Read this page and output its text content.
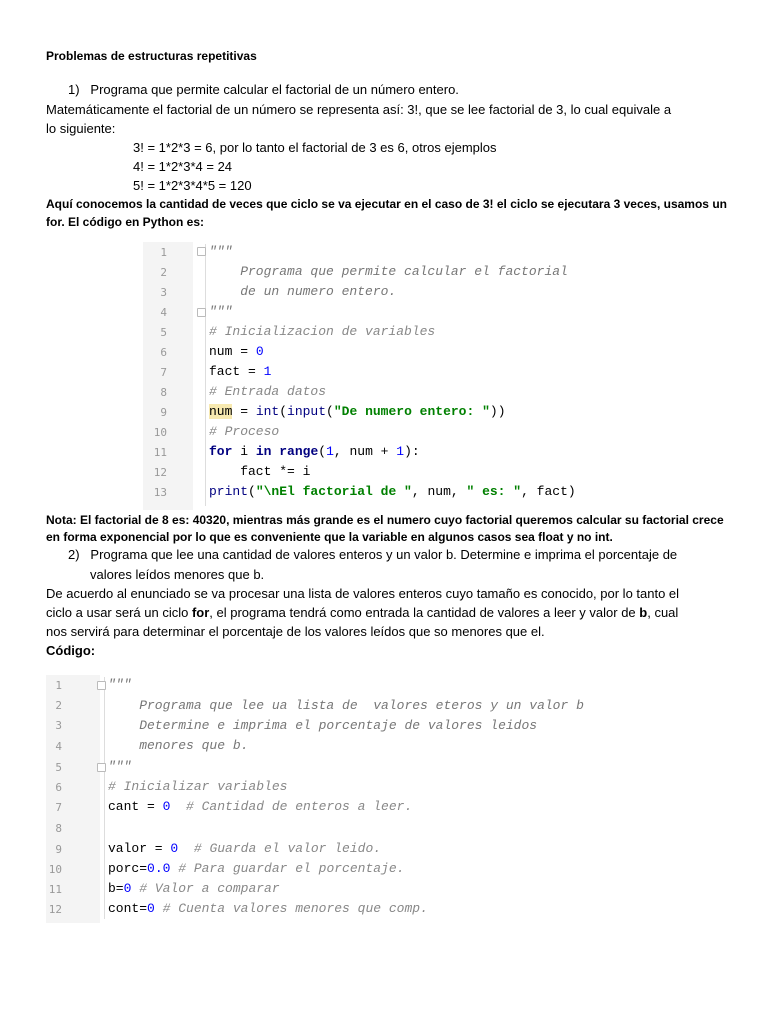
Problemas de estructuras repetitivas
1)   Programa que permite calcular el factorial de un número entero.
Matemáticamente el factorial de un número se representa así: 3!, que se lee factorial de 3, lo cual equivale a
lo siguiente:
3! = 1*2*3 = 6, por lo tanto el factorial de 3 es 6, otros ejemplos
4! = 1*2*3*4 = 24
5! = 1*2*3*4*5 = 120
Aquí conocemos la cantidad de veces que ciclo se va ejecutar en el caso de 3! el ciclo se ejecutara 3 veces, usamos un
for. El código en Python es:
1
2
3
4
5
6
7
8
9
10
11
12
13
"""
Programa que permite calcular el factorial
de un numero entero.
"""
# Inicializacion de variables
num = 0
fact = 1
# Entrada datos
num = int(input("De numero entero: "))
# Proceso
for i in range(1, num + 1):
fact *= i
print("\nEl factorial de ", num, " es: ", fact)
Nota: El factorial de 8 es: 40320, mientras más grande es el numero cuyo factorial queremos calcular su factorial crece
en forma exponencial por lo que es conveniente que la variable en algunos casos sea float y no int.
2)   Programa que lee una cantidad de valores enteros y un valor b. Determine e imprima el porcentaje de
valores leídos menores que b.
De acuerdo al enunciado se va procesar una lista de valores enteros cuyo tamaño es conocido, por lo tanto el
ciclo a usar será un ciclo for, el programa tendrá como entrada la cantidad de valores a leer y valor de b, cual
nos servirá para determinar el porcentaje de los valores leídos que so menores que el.
Código:
1
2
3
4
5
6
7
8
9
10
11
12
"""
Programa que lee ua lista de  valores eteros y un valor b
Determine e imprima el porcentaje de valores leidos
menores que b.
"""
# Inicializar variables
cant = 0  # Cantidad de enteros a leer.
valor = 0  # Guarda el valor leido.
porc=0.0 # Para guardar el porcentaje.
b=0 # Valor a comparar
cont=0 # Cuenta valores menores que comp.
